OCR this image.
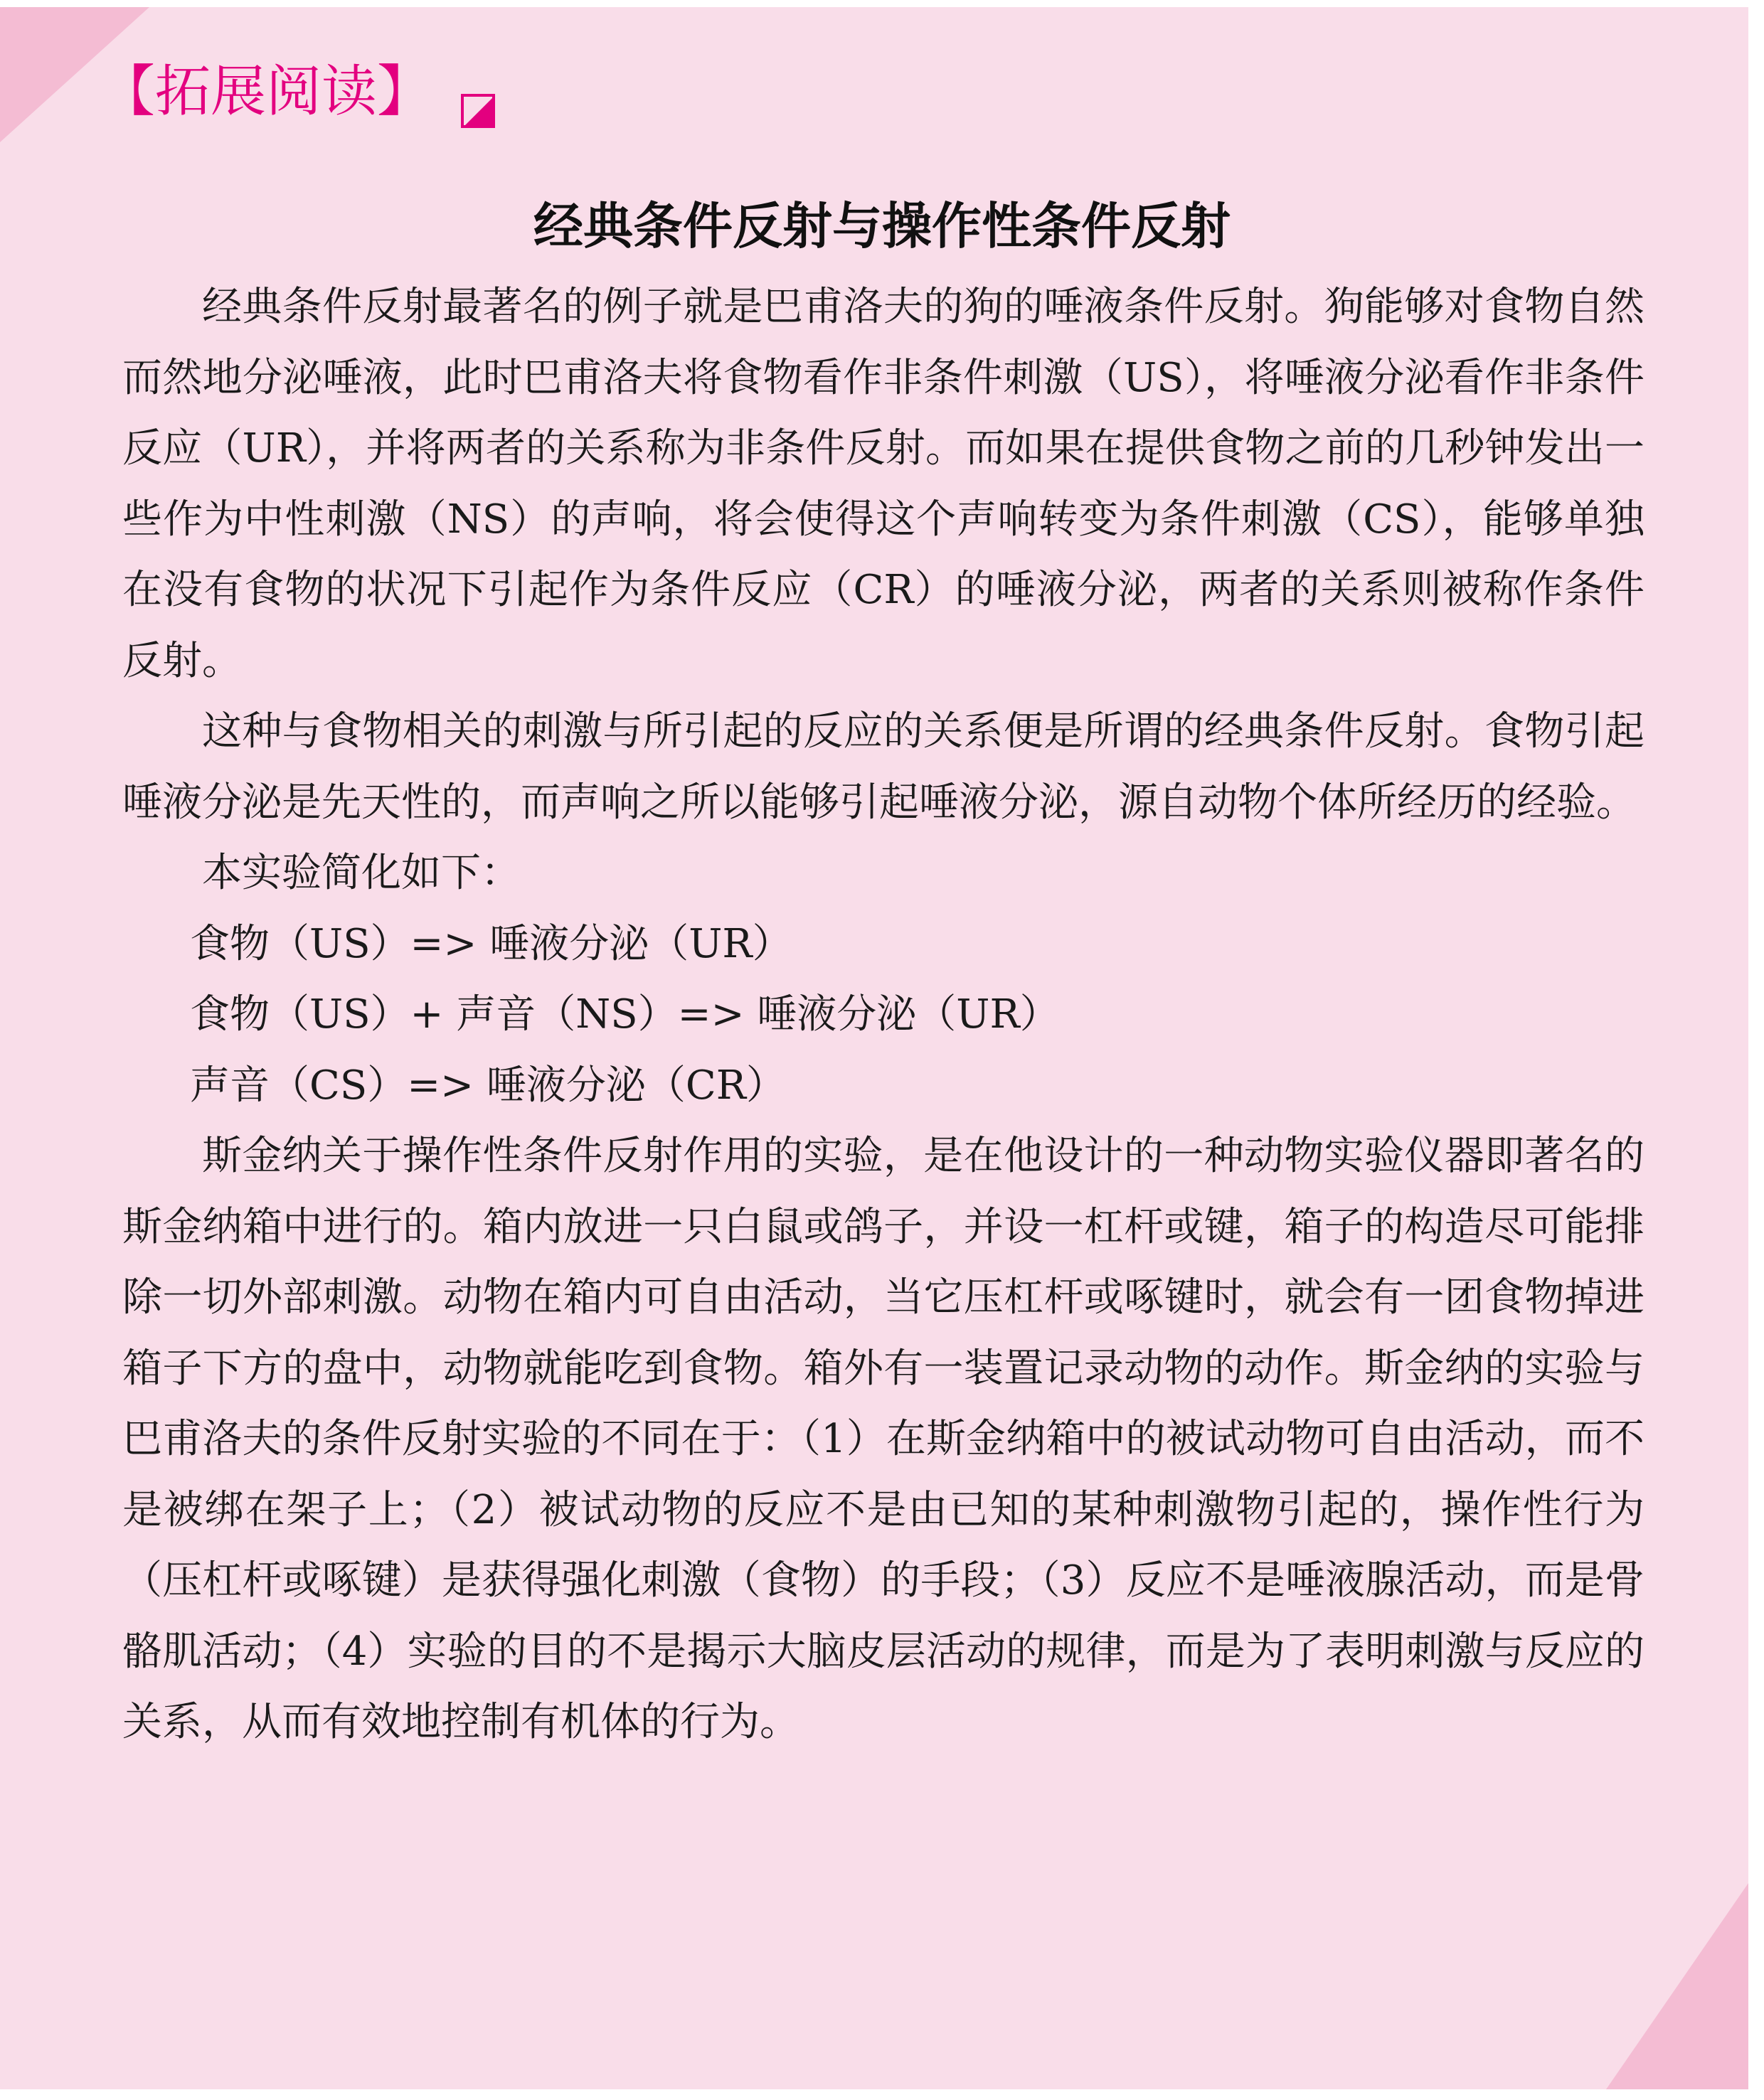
【拓展阅读】
经典条件反射与操作性条件反射

经典条件反射最著名的例子就是巴甫洛夫的狗的唾液条件反射。狗能够对食物自然而然地分泌唾液，此时巴甫洛夫将食物看作非条件刺激（US），将唾液分泌看作非条件反应（UR），并将两者的关系称为非条件反射。而如果在提供食物之前的几秒钟发出一些作为中性刺激（NS）的声响，将会使得这个声响转变为条件刺激（CS），能够单独在没有食物的状况下引起作为条件反应（CR）的唾液分泌，两者的关系则被称作条件反射。

这种与食物相关的刺激与所引起的反应的关系便是所谓的经典条件反射。食物引起唾液分泌是先天性的，而声响之所以能够引起唾液分泌，源自动物个体所经历的经验。

本实验简化如下：

食物（US）=> 唾液分泌（UR）

食物（US）+ 声音（NS）=> 唾液分泌（UR）

声音（CS）=> 唾液分泌（CR）

斯金纳关于操作性条件反射作用的实验，是在他设计的一种动物实验仪器即著名的斯金纳箱中进行的。箱内放进一只白鼠或鸽子，并设一杠杆或键，箱子的构造尽可能排除一切外部刺激。动物在箱内可自由活动，当它压杠杆或啄键时，就会有一团食物掉进箱子下方的盘中，动物就能吃到食物。箱外有一装置记录动物的动作。斯金纳的实验与巴甫洛夫的条件反射实验的不同在于：（1）在斯金纳箱中的被试动物可自由活动，而不是被绑在架子上；（2）被试动物的反应不是由已知的某种刺激物引起的，操作性行为（压杠杆或啄键）是获得强化刺激（食物）的手段；（3）反应不是唾液腺活动，而是骨骼肌活动；（4）实验的目的不是揭示大脑皮层活动的规律，而是为了表明刺激与反应的关系，从而有效地控制有机体的行为。
